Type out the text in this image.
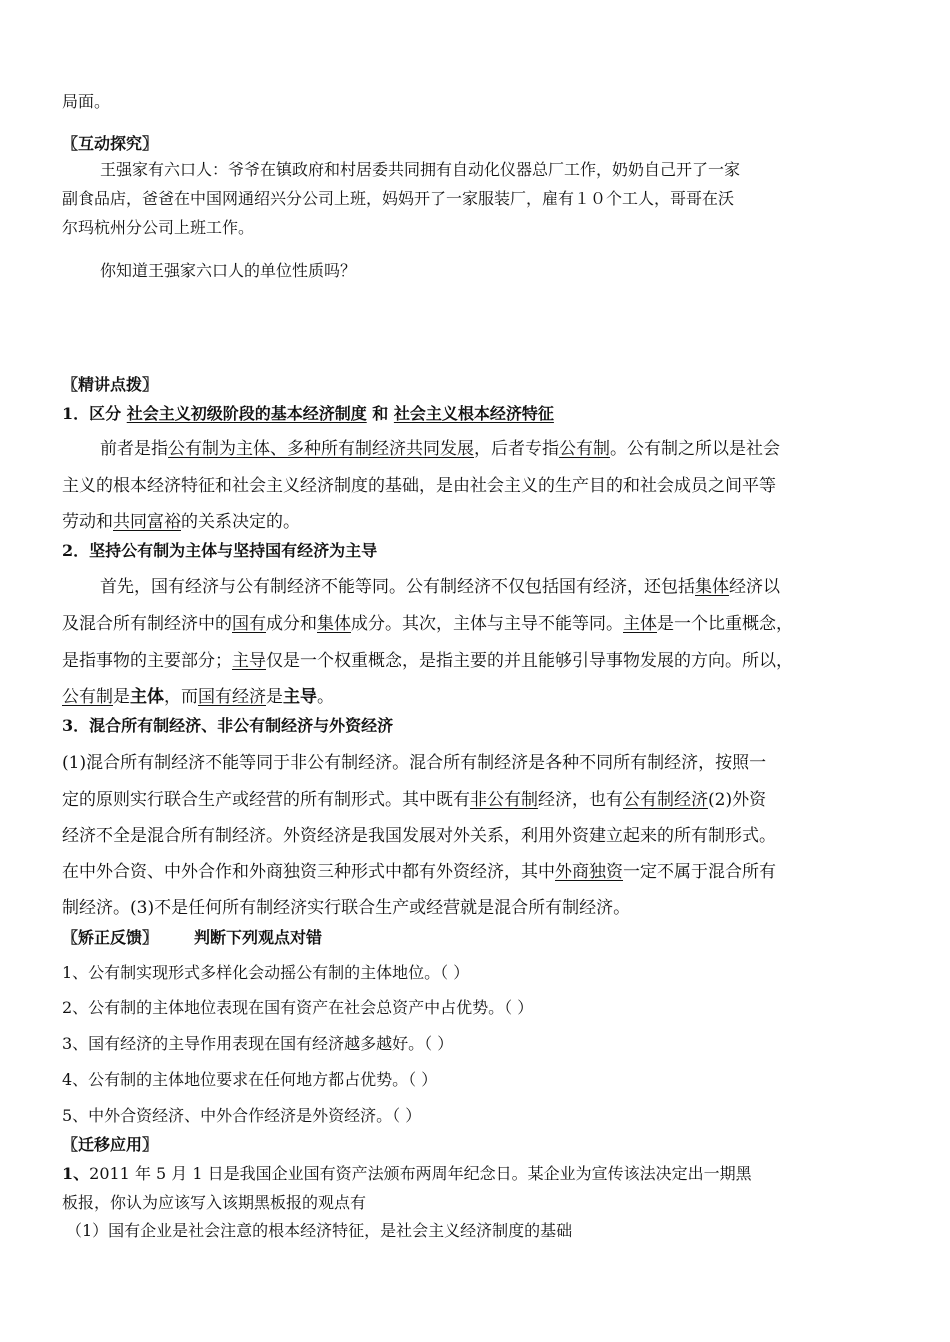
局面。
〖互动探究〗
王强家有六口人：爷爷在镇政府和村居委共同拥有自动化仪器总厂工作，奶奶自己开了一家
副食品店，爸爸在中国网通绍兴分公司上班，妈妈开了一家服装厂，雇有１０个工人，哥哥在沃
尔玛杭州分公司上班工作。
你知道王强家六口人的单位性质吗？
〖精讲点拨〗
1．区分 社会主义初级阶段的基本经济制度 和 社会主义根本经济特征
前者是指公有制为主体、多种所有制经济共同发展，后者专指公有制。公有制之所以是社会
主义的根本经济特征和社会主义经济制度的基础，是由社会主义的生产目的和社会成员之间平等
劳动和共同富裕的关系决定的。
2．坚持公有制为主体与坚持国有经济为主导
首先，国有经济与公有制经济不能等同。公有制经济不仅包括国有经济，还包括集体经济以
及混合所有制经济中的国有成分和集体成分。其次，主体与主导不能等同。主体是一个比重概念，
是指事物的主要部分；主导仅是一个权重概念，是指主要的并且能够引导事物发展的方向。所以，
公有制是主体，而国有经济是主导。
3．混合所有制经济、非公有制经济与外资经济
(1)混合所有制经济不能等同于非公有制经济。混合所有制经济是各种不同所有制经济，按照一
定的原则实行联合生产或经营的所有制形式。其中既有非公有制经济，也有公有制经济(2)外资
经济不全是混合所有制经济。外资经济是我国发展对外关系，利用外资建立起来的所有制形式。
在中外合资、中外合作和外商独资三种形式中都有外资经济，其中外商独资一定不属于混合所有
制经济。(3)不是任何所有制经济实行联合生产或经营就是混合所有制经济。
〖矫正反馈〗 判断下列观点对错
1、公有制实现形式多样化会动摇公有制的主体地位。（ ）
2、公有制的主体地位表现在国有资产在社会总资产中占优势。（ ）
3、国有经济的主导作用表现在国有经济越多越好。（ ）
4、公有制的主体地位要求在任何地方都占优势。（ ）
5、中外合资经济、中外合作经济是外资经济。（ ）
〖迁移应用〗
1、2011 年 5 月 1 日是我国企业国有资产法颁布两周年纪念日。某企业为宣传该法决定出一期黑
板报，你认为应该写入该期黑板报的观点有
（1）国有企业是社会注意的根本经济特征，是社会主义经济制度的基础
